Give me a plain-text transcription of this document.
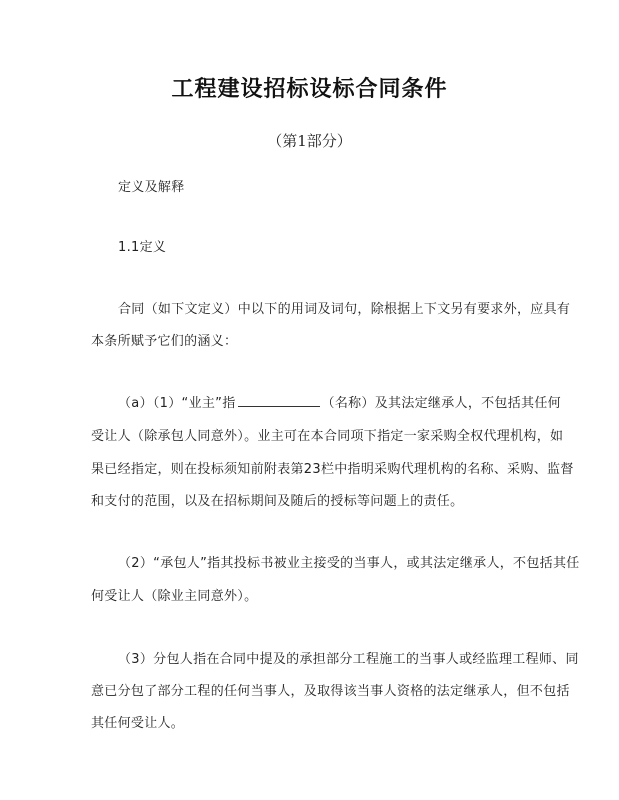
工程建设招标设标合同条件
（第1部分）
定义及解释
1.1定义
合同（如下文定义）中以下的用词及词句，除根据上下文另有要求外，应具有
本条所赋予它们的涵义：
（a）（1）“业主”指	（名称）及其法定继承人，不包括其任何
受让人（除承包人同意外）。业主可在本合同项下指定一家采购全权代理机构，如
果已经指定，则在投标须知前附表第23栏中指明采购代理机构的名称、采购、监督
和支付的范围，以及在招标期间及随后的授标等问题上的责任。
（2）“承包人”指其投标书被业主接受的当事人，或其法定继承人，不包括其任
何受让人（除业主同意外）。
（3）分包人指在合同中提及的承担部分工程施工的当事人或经监理工程师、同
意已分包了部分工程的任何当事人，及取得该当事人资格的法定继承人，但不包括
其任何受让人。
